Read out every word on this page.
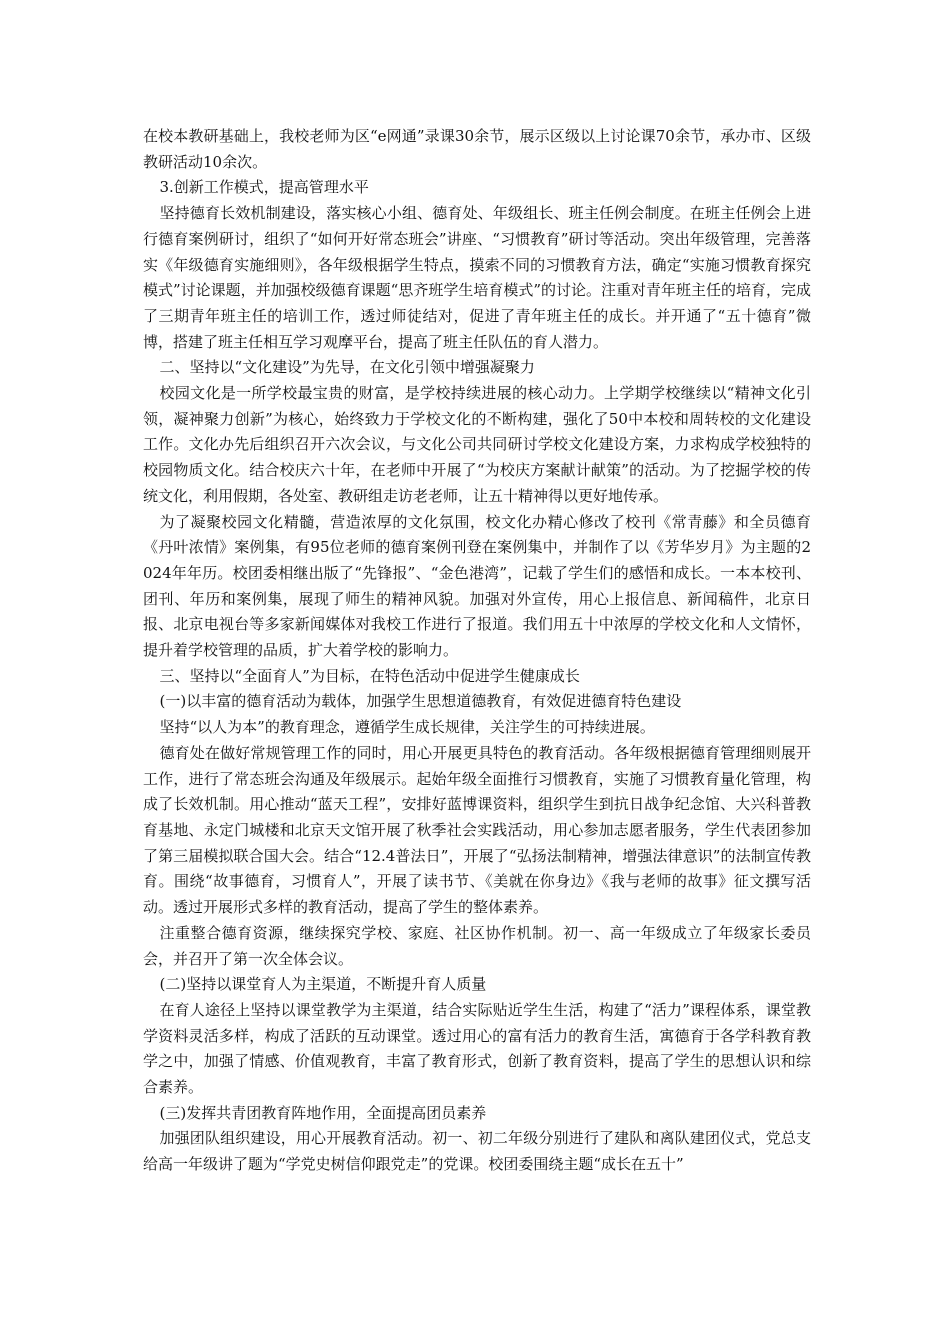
在校本教研基础上，我校老师为区“e网通”录课30余节，展示区级以上讨论课70余节，承办市、区级教研活动10余次。

3.创新工作模式，提高管理水平

坚持德育长效机制建设，落实核心小组、德育处、年级组长、班主任例会制度。在班主任例会上进行德育案例研讨，组织了“如何开好常态班会”讲座、“习惯教育”研讨等活动。突出年级管理，完善落实《年级德育实施细则》，各年级根据学生特点，摸索不同的习惯教育方法，确定“实施习惯教育探究模式”讨论课题，并加强校级德育课题“思齐班学生培育模式”的讨论。注重对青年班主任的培育，完成了三期青年班主任的培训工作，透过师徒结对，促进了青年班主任的成长。并开通了“五十德育”微博，搭建了班主任相互学习观摩平台，提高了班主任队伍的育人潜力。

二、坚持以“文化建设”为先导，在文化引领中增强凝聚力

校园文化是一所学校最宝贵的财富，是学校持续进展的核心动力。上学期学校继续以“精神文化引领，凝神聚力创新”为核心，始终致力于学校文化的不断构建，强化了50中本校和周转校的文化建设工作。文化办先后组织召开六次会议，与文化公司共同研讨学校文化建设方案，力求构成学校独特的校园物质文化。结合校庆六十年，在老师中开展了“为校庆方案献计献策”的活动。为了挖掘学校的传统文化，利用假期，各处室、教研组走访老老师，让五十精神得以更好地传承。

为了凝聚校园文化精髓，营造浓厚的文化氛围，校文化办精心修改了校刊《常青藤》和全员德育《丹叶浓情》案例集，有95位老师的德育案例刊登在案例集中，并制作了以《芳华岁月》为主题的2024年年历。校团委相继出版了“先锋报”、“金色港湾”，记载了学生们的感悟和成长。一本本校刊、团刊、年历和案例集，展现了师生的精神风貌。加强对外宣传，用心上报信息、新闻稿件，北京日报、北京电视台等多家新闻媒体对我校工作进行了报道。我们用五十中浓厚的学校文化和人文情怀，提升着学校管理的品质，扩大着学校的影响力。

三、坚持以“全面育人”为目标，在特色活动中促进学生健康成长

(一)以丰富的德育活动为载体，加强学生思想道德教育，有效促进德育特色建设

坚持“以人为本”的教育理念，遵循学生成长规律，关注学生的可持续进展。

德育处在做好常规管理工作的同时，用心开展更具特色的教育活动。各年级根据德育管理细则展开工作，进行了常态班会沟通及年级展示。起始年级全面推行习惯教育，实施了习惯教育量化管理，构成了长效机制。用心推动“蓝天工程”，安排好蓝博课资料，组织学生到抗日战争纪念馆、大兴科普教育基地、永定门城楼和北京天文馆开展了秋季社会实践活动，用心参加志愿者服务，学生代表团参加了第三届模拟联合国大会。结合“12.4普法日”，开展了“弘扬法制精神，增强法律意识”的法制宣传教育。围绕“故事德育，习惯育人”，开展了读书节、《美就在你身边》《我与老师的故事》征文撰写活动。透过开展形式多样的教育活动，提高了学生的整体素养。

注重整合德育资源，继续探究学校、家庭、社区协作机制。初一、高一年级成立了年级家长委员会，并召开了第一次全体会议。

(二)坚持以课堂育人为主渠道，不断提升育人质量

在育人途径上坚持以课堂教学为主渠道，结合实际贴近学生生活，构建了“活力”课程体系，课堂教学资料灵活多样，构成了活跃的互动课堂。透过用心的富有活力的教育生活，寓德育于各学科教育教学之中，加强了情感、价值观教育，丰富了教育形式，创新了教育资料，提高了学生的思想认识和综合素养。

(三)发挥共青团教育阵地作用，全面提高团员素养

加强团队组织建设，用心开展教育活动。初一、初二年级分别进行了建队和离队建团仪式，党总支给高一年级讲了题为“学党史树信仰跟党走”的党课。校团委围绕主题“成长在五十”
